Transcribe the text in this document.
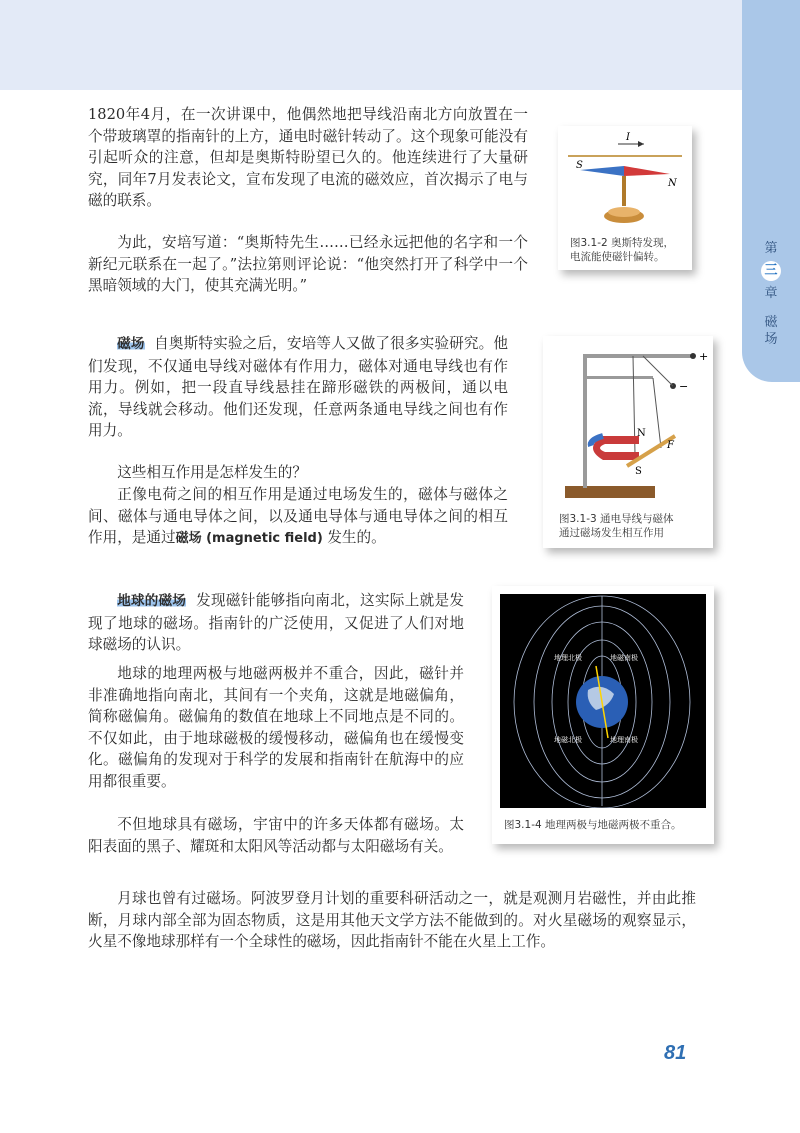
第
三
章
磁
场

1820年4月，在一次讲课中，他偶然地把导线沿南北方向放置在一个带玻璃罩的指南针的上方，通电时磁针转动了。这个现象可能没有引起听众的注意，但却是奥斯特盼望已久的。他连续进行了大量研究，同年7月发表论文，宣布发现了电流的磁效应，首次揭示了电与磁的联系。

为此，安培写道：“奥斯特先生……已经永远把他的名字和一个新纪元联系在一起了。”法拉第则评论说：“他突然打开了科学中一个黑暗领域的大门，使其充满光明。”

I
S
N
图3.1-2 奥斯特发现，
电流能使磁针偏转。

磁场 自奥斯特实验之后，安培等人又做了很多实验研究。他们发现，不仅通电导线对磁体有作用力，磁体对通电导线也有作用力。例如，把一段直导线悬挂在蹄形磁铁的两极间，通以电流，导线就会移动。他们还发现，任意两条通电导线之间也有作用力。

这些相互作用是怎样发生的？

正像电荷之间的相互作用是通过电场发生的，磁体与磁体之间、磁体与通电导体之间，以及通电导体与通电导体之间的相互作用，是通过磁场 (magnetic field) 发生的。

+
−
N
S
F
图3.1-3 通电导线与磁体
通过磁场发生相互作用

地球的磁场 发现磁针能够指向南北，这实际上就是发现了地球的磁场。指南针的广泛使用，又促进了人们对地球磁场的认识。

地球的地理两极与地磁两极并不重合，因此，磁针并非准确地指向南北，其间有一个夹角，这就是地磁偏角，简称磁偏角。磁偏角的数值在地球上不同地点是不同的。不仅如此，由于地球磁极的缓慢移动，磁偏角也在缓慢变化。磁偏角的发现对于科学的发展和指南针在航海中的应用都很重要。

不但地球具有磁场，宇宙中的许多天体都有磁场。太阳表面的黑子、耀斑和太阳风等活动都与太阳磁场有关。

月球也曾有过磁场。阿波罗登月计划的重要科研活动之一，就是观测月岩磁性，并由此推断，月球内部全部为固态物质，这是用其他天文学方法不能做到的。对火星磁场的观察显示，火星不像地球那样有一个全球性的磁场，因此指南针不能在火星上工作。

地理北极	地磁南极
地磁北极	地理南极
图3.1-4 地理两极与地磁两极不重合。
81
